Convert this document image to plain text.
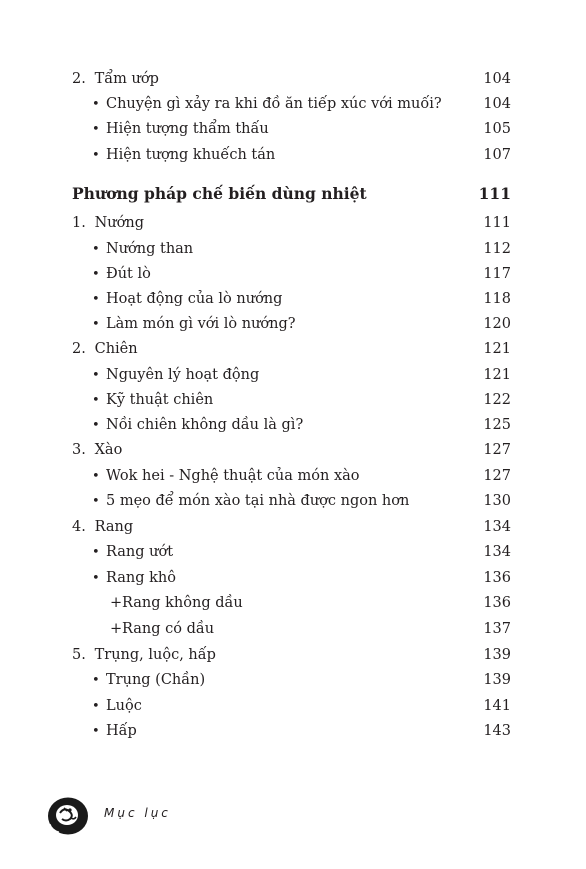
2. Tẩm ướp	104
• Chuyện gì xảy ra khi đồ ăn tiếp xúc với muối?	104
• Hiện tượng thẩm thấu	105
• Hiện tượng khuếch tán	107
Phương pháp chế biến dùng nhiệt	111
1. Nướng	111
• Nướng than	112
• Đút lò	117
• Hoạt động của lò nướng	118
• Làm món gì với lò nướng?	120
2. Chiên	121
• Nguyên lý hoạt động	121
• Kỹ thuật chiên	122
• Nồi chiên không dầu là gì?	125
3. Xào	127
• Wok hei - Nghệ thuật của món xào	127
• 5 mẹo để món xào tại nhà được ngon hơn	130
4. Rang	134
• Rang ướt	134
• Rang khô	136
+Rang không dầu	136
+Rang có dầu	137
5. Trụng, luộc, hấp	139
• Trụng (Chần)	139
• Luộc	141
• Hấp	143
Mục lục
